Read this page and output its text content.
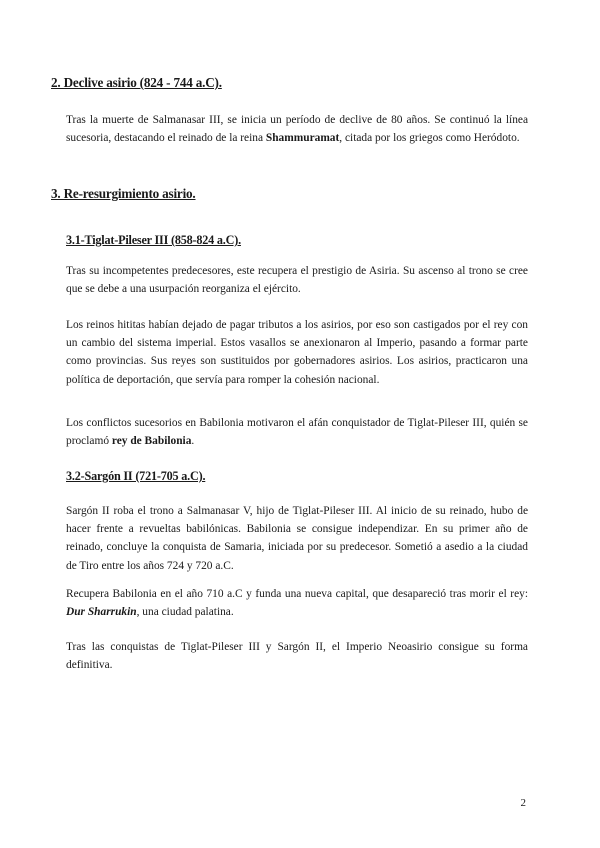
2. Declive asirio (824 - 744 a.C).

Tras la muerte de Salmanasar III, se inicia un período de declive de 80 años. Se continuó la línea sucesoria, destacando el reinado de la reina Shammuramat, citada por los griegos como Heródoto.

3. Re-resurgimiento asirio.
3.1-Tiglat-Pileser III (858-824 a.C).

Tras su incompetentes predecesores, este recupera el prestigio de Asiria. Su ascenso al trono se cree que se debe a una usurpación reorganiza el ejército.

Los reinos hititas habían dejado de pagar tributos a los asirios, por eso son castigados por el rey con un cambio del sistema imperial. Estos vasallos se anexionaron al Imperio, pasando a formar parte como provincias. Sus reyes son sustituidos por gobernadores asirios. Los asirios, practicaron una política de deportación, que servía para romper la cohesión nacional.

Los conflictos sucesorios en Babilonia motivaron el afán conquistador de Tiglat-Pileser III, quién se proclamó rey de Babilonia.

3.2-Sargón II (721-705 a.C).

Sargón II roba el trono a Salmanasar V, hijo de Tiglat-Pileser III. Al inicio de su reinado, hubo de hacer frente a revueltas babilónicas. Babilonia se consigue independizar. En su primer año de reinado, concluye la conquista de Samaria, iniciada por su predecesor. Sometió a asedio a la ciudad de Tiro entre los años 724 y 720 a.C.

Recupera Babilonia en el año 710 a.C y funda una nueva capital, que desapareció tras morir el rey: Dur Sharrukin, una ciudad palatina.

Tras las conquistas de Tiglat-Pileser III y Sargón II, el Imperio Neoasirio consigue su forma definitiva.

2
